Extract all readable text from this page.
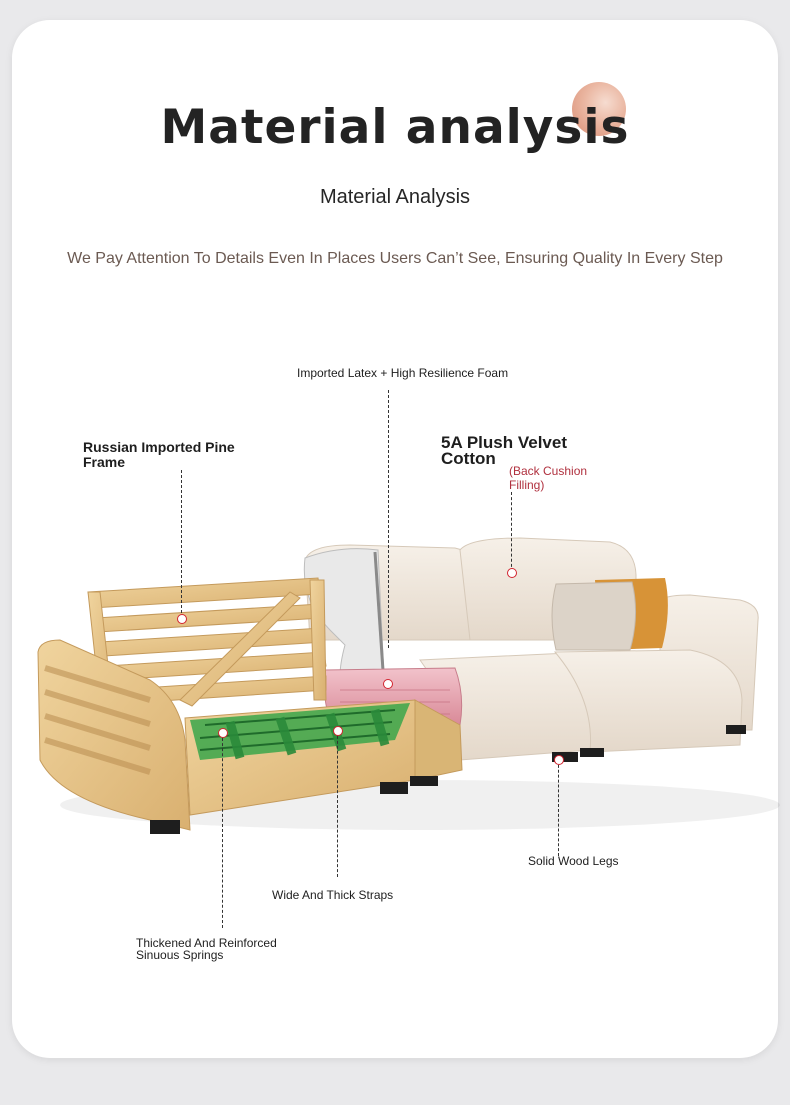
Material analysis
Material Analysis
We Pay Attention To Details Even In Places Users Can’t See, Ensuring Quality In Every Step
Imported Latex + High Resilience Foam
Russian Imported Pine Frame
5A Plush Velvet Cotton
(Back Cushion Filling)
Solid Wood Legs
Wide And Thick Straps
Thickened And Reinforced Sinuous Springs
